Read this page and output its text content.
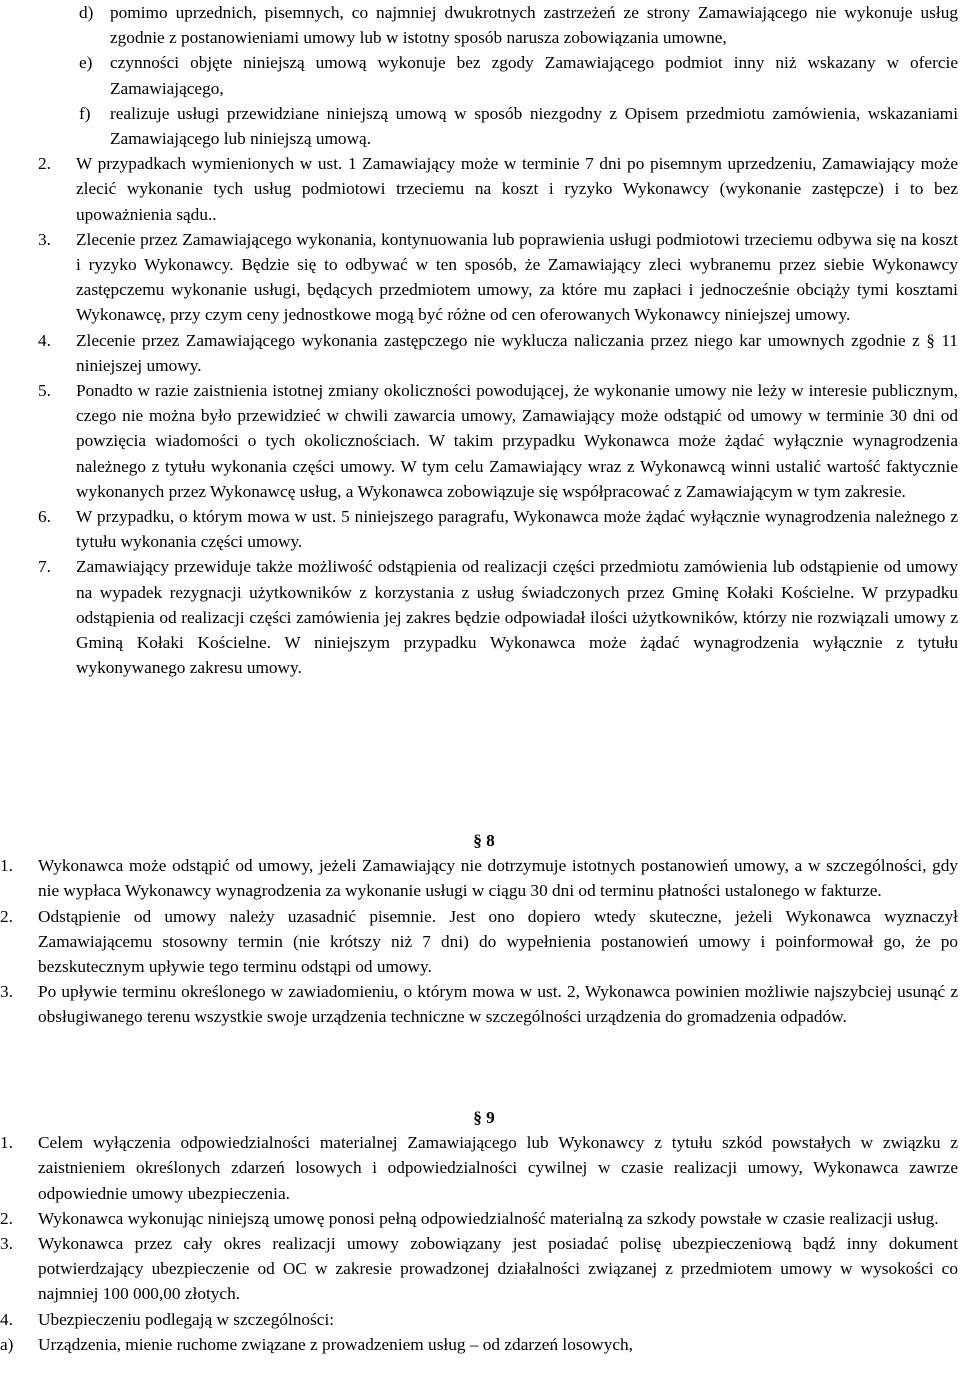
d) pomimo uprzednich, pisemnych, co najmniej dwukrotnych zastrzeżeń ze strony Zamawiającego nie wykonuje usług zgodnie z postanowieniami umowy lub w istotny sposób narusza zobowiązania umowne,
e)	czynności objęte niniejszą umową wykonuje bez zgody Zamawiającego podmiot inny niż wskazany w ofercie Zamawiającego,
f)	realizuje usługi przewidziane niniejszą umową w sposób niezgodny z Opisem przedmiotu zamówienia, wskazaniami Zamawiającego lub niniejszą umową.
2.	W przypadkach wymienionych w ust. 1 Zamawiający może w terminie 7 dni po pisemnym uprzedzeniu, Zamawiający może zlecić wykonanie tych usług podmiotowi trzeciemu na koszt i ryzyko Wykonawcy (wykonanie zastępcze) i to bez upoważnienia sądu..
3.	Zlecenie przez Zamawiającego wykonania, kontynuowania lub poprawienia usługi podmiotowi trzeciemu odbywa się na koszt i ryzyko Wykonawcy. Będzie się to odbywać w ten sposób, że Zamawiający zleci wybranemu przez siebie Wykonawcy zastępczemu wykonanie usługi, będących przedmiotem umowy, za które mu zapłaci i jednocześnie obciąży tymi kosztami Wykonawcę, przy czym ceny jednostkowe mogą być różne od cen oferowanych Wykonawcy niniejszej umowy.
4.	Zlecenie przez Zamawiającego wykonania zastępczego nie wyklucza naliczania przez niego kar umownych zgodnie z § 11 niniejszej umowy.
5.	Ponadto w razie zaistnienia istotnej zmiany okoliczności powodującej, że wykonanie umowy nie leży w interesie publicznym, czego nie można było przewidzieć w chwili zawarcia umowy, Zamawiający może odstąpić od umowy w terminie 30 dni od powzięcia wiadomości o tych okolicznościach. W takim przypadku Wykonawca może żądać wyłącznie wynagrodzenia należnego z tytułu wykonania części umowy. W tym celu Zamawiający wraz z Wykonawcą winni ustalić wartość faktycznie wykonanych przez Wykonawcę usług, a Wykonawca zobowiązuje się współpracować z Zamawiającym w tym zakresie.
6.	W przypadku, o którym mowa w ust. 5 niniejszego paragrafu, Wykonawca może żądać wyłącznie wynagrodzenia należnego z tytułu wykonania części umowy.
7.	Zamawiający przewiduje także możliwość odstąpienia od realizacji części przedmiotu zamówienia lub odstąpienie od umowy na wypadek rezygnacji użytkowników z korzystania z usług świadczonych przez Gminę Kołaki Kościelne. W przypadku odstąpienia od realizacji części zamówienia jej zakres będzie odpowiadał ilości użytkowników, którzy nie rozwiązali umowy z Gminą Kołaki Kościelne. W niniejszym przypadku Wykonawca może żądać wynagrodzenia wyłącznie z tytułu wykonywanego zakresu umowy.

§ 8

1.	Wykonawca może odstąpić od umowy, jeżeli Zamawiający nie dotrzymuje istotnych postanowień umowy, a w szczególności, gdy nie wypłaca Wykonawcy wynagrodzenia za wykonanie usługi w ciągu 30 dni od terminu płatności ustalonego w fakturze.
2.	Odstąpienie od umowy należy uzasadnić pisemnie. Jest ono dopiero wtedy skuteczne, jeżeli Wykonawca wyznaczył Zamawiającemu stosowny termin (nie krótszy niż 7 dni) do wypełnienia postanowień umowy i poinformował go, że po bezskutecznym upływie tego terminu odstąpi od umowy.
3.	Po upływie terminu określonego w zawiadomieniu, o którym mowa w ust. 2, Wykonawca powinien możliwie najszybciej usunąć z obsługiwanego terenu wszystkie swoje urządzenia techniczne w szczególności urządzenia do gromadzenia odpadów.

§ 9

1.	Celem wyłączenia odpowiedzialności materialnej Zamawiającego lub Wykonawcy z tytułu szkód powstałych w związku z zaistnieniem określonych zdarzeń losowych i odpowiedzialności cywilnej w czasie realizacji umowy, Wykonawca zawrze odpowiednie umowy ubezpieczenia.
2.	Wykonawca wykonując niniejszą umowę ponosi pełną odpowiedzialność materialną za szkody powstałe w czasie realizacji usług.
3.	Wykonawca przez cały okres realizacji umowy zobowiązany jest posiadać polisę ubezpieczeniową bądź inny dokument potwierdzający ubezpieczenie od OC w zakresie prowadzonej działalności związanej z przedmiotem umowy w wysokości co najmniej 100 000,00 złotych.
4.	Ubezpieczeniu podlegają w szczególności:
a)	Urządzenia, mienie ruchome związane z prowadzeniem usług – od zdarzeń losowych,
